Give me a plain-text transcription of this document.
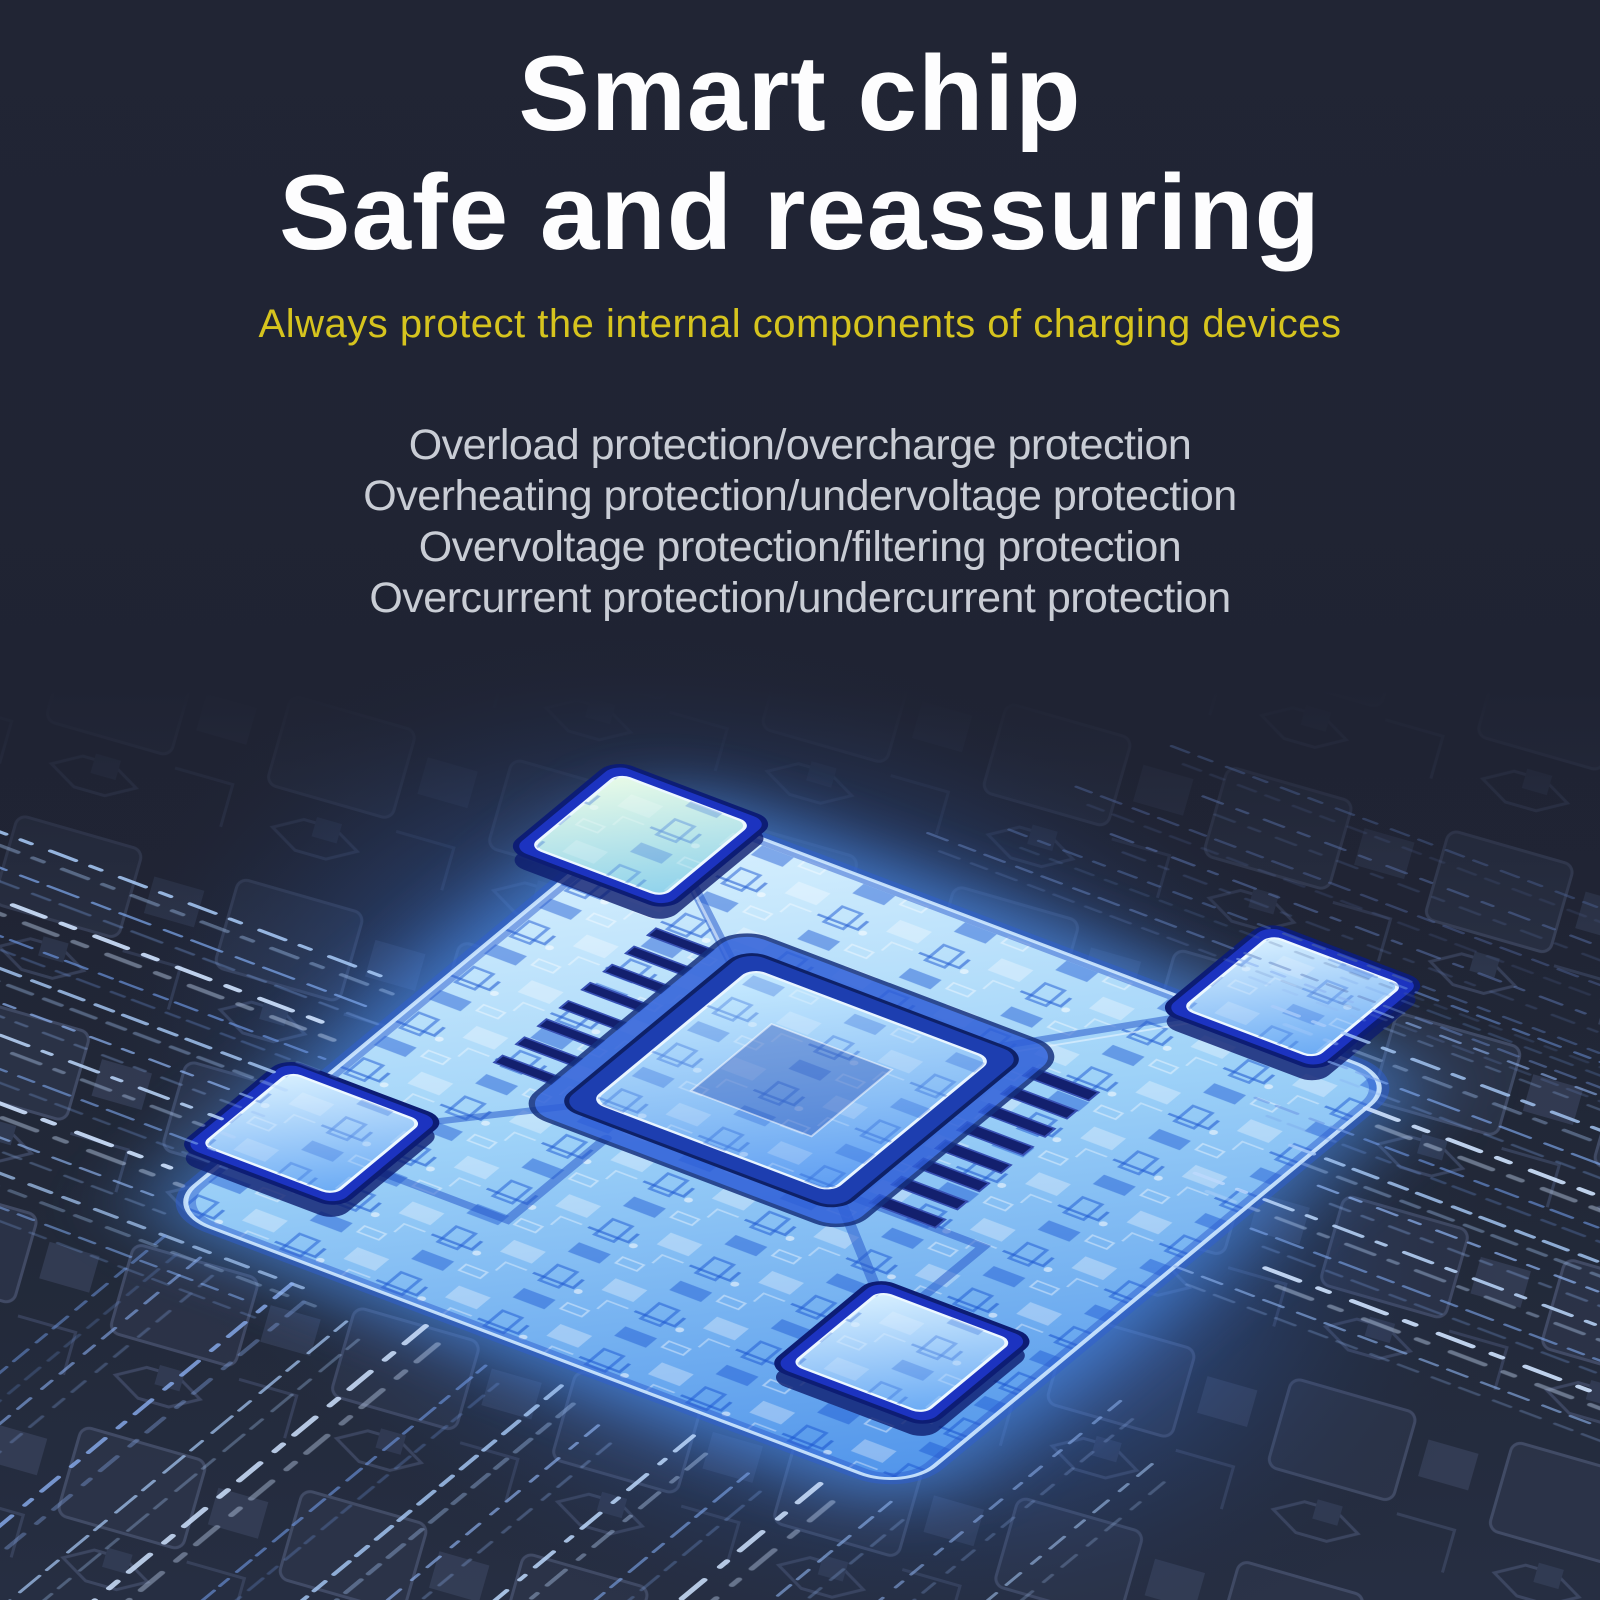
Smart chip
Safe and reassuring
Always protect the internal components of charging devices

Overload protection/overcharge protection

Overheating protection/undervoltage protection

Overvoltage protection/filtering protection

Overcurrent protection/undercurrent protection
